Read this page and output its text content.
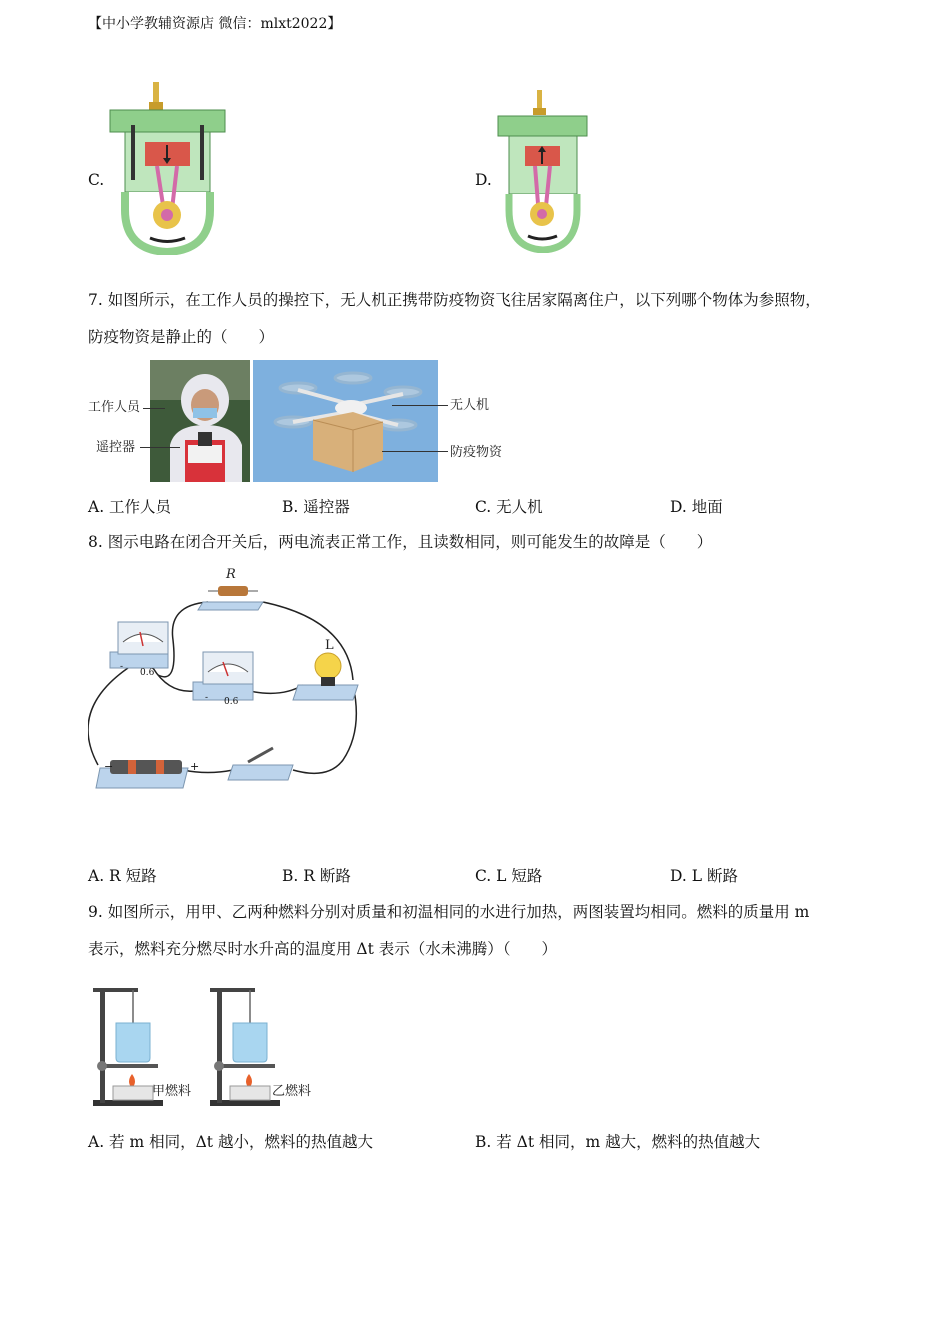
【中小学教辅资源店 微信：mlxt2022】
C.	D.
7. 如图所示，在工作人员的操控下，无人机正携带防疫物资飞往居家隔离住户，以下列哪个物体为参照物，
防疫物资是静止的（　　）
工作人员
遥控器
无人机
防疫物资
A. 工作人员	B. 遥控器	C. 无人机	D. 地面
8. 图示电路在闭合开关后，两电流表正常工作，且读数相同，则可能发生的故障是（　　）
R
L
-
0.6
- 0.6
−	+
A. R 短路	B. R 断路	C. L 短路	D. L 断路
9. 如图所示，用甲、乙两种燃料分别对质量和初温相同的水进行加热，两图装置均相同。燃料的质量用 m
表示，燃料充分燃尽时水升高的温度用 Δt 表示（水未沸腾）（　　）
甲燃料	乙燃料
A. 若 m 相同，Δt 越小，燃料的热值越大	B. 若 Δt 相同，m 越大，燃料的热值越大
